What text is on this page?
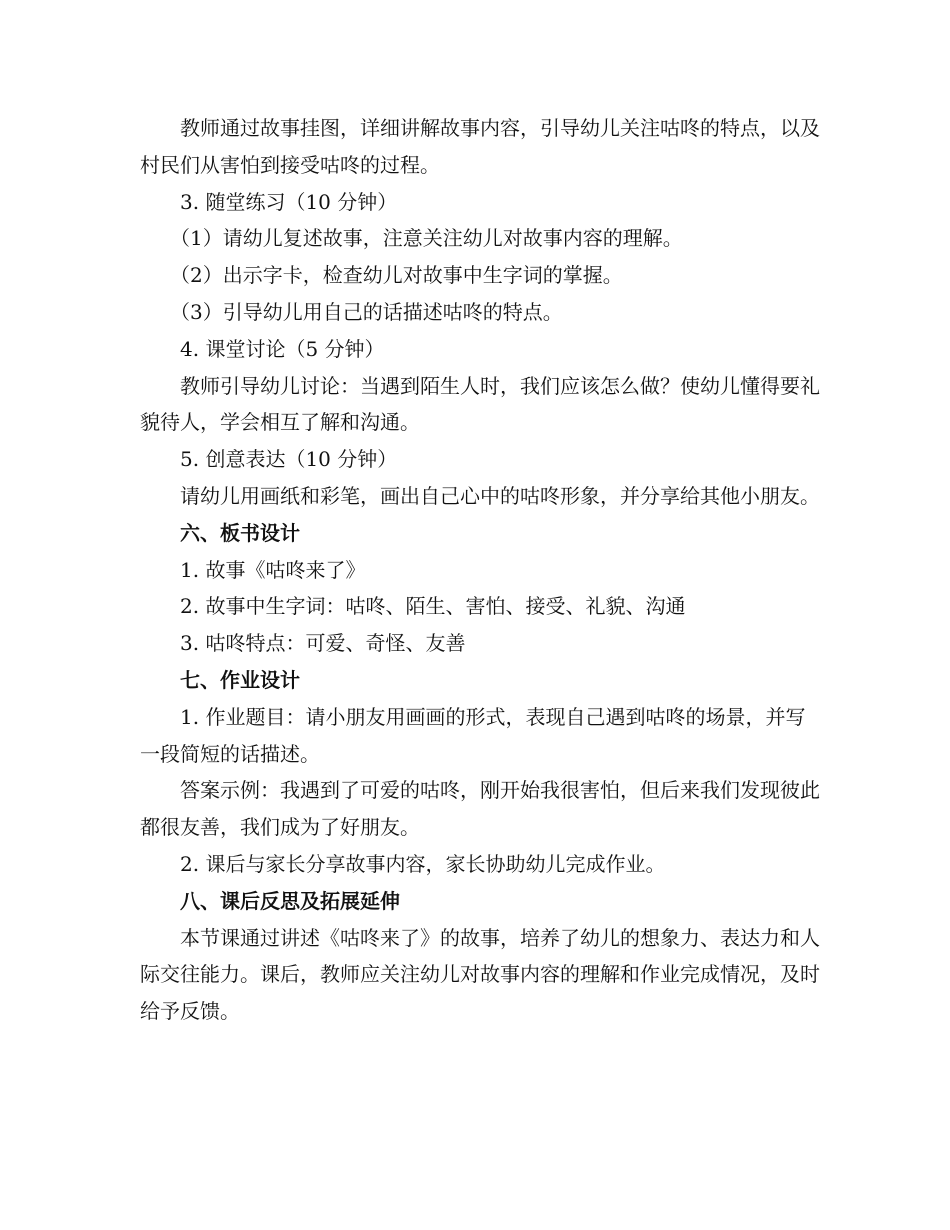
教师通过故事挂图，详细讲解故事内容，引导幼儿关注咕咚的特点，以及村民们从害怕到接受咕咚的过程。

3. 随堂练习（10 分钟）

（1）请幼儿复述故事，注意关注幼儿对故事内容的理解。

（2）出示字卡，检查幼儿对故事中生字词的掌握。

（3）引导幼儿用自己的话描述咕咚的特点。

4. 课堂讨论（5 分钟）

教师引导幼儿讨论：当遇到陌生人时，我们应该怎么做？使幼儿懂得要礼貌待人，学会相互了解和沟通。

5. 创意表达（10 分钟）

请幼儿用画纸和彩笔，画出自己心中的咕咚形象，并分享给其他小朋友。

六、板书设计

1. 故事《咕咚来了》

2. 故事中生字词：咕咚、陌生、害怕、接受、礼貌、沟通

3. 咕咚特点：可爱、奇怪、友善

七、作业设计

1. 作业题目：请小朋友用画画的形式，表现自己遇到咕咚的场景，并写一段简短的话描述。

答案示例：我遇到了可爱的咕咚，刚开始我很害怕，但后来我们发现彼此都很友善，我们成为了好朋友。

2. 课后与家长分享故事内容，家长协助幼儿完成作业。

八、课后反思及拓展延伸

本节课通过讲述《咕咚来了》的故事，培养了幼儿的想象力、表达力和人际交往能力。课后，教师应关注幼儿对故事内容的理解和作业完成情况，及时给予反馈。
